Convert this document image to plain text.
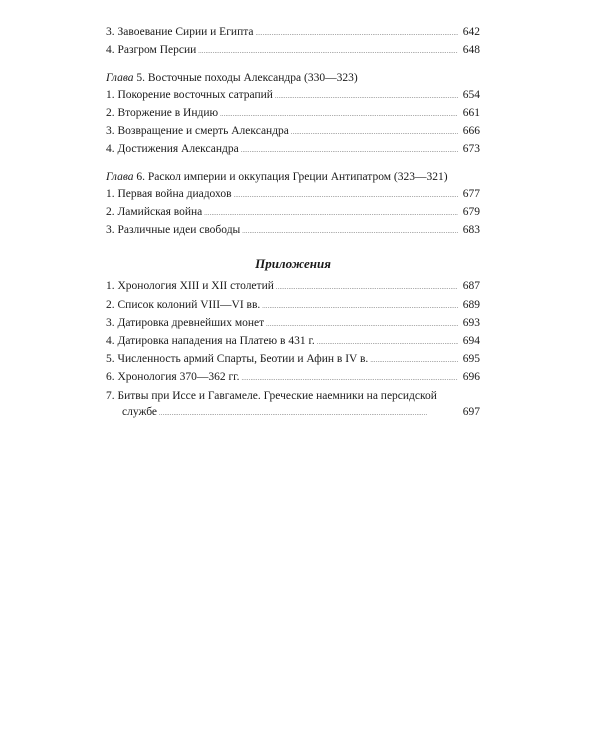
3. Завоевание Сирии и Египта . . .	642
4. Разгром Персии . . .	648
Глава 5. Восточные походы Александра (330—323)
1. Покорение восточных сатрапий . . .	654
2. Вторжение в Индию . . .	661
3. Возвращение и смерть Александра . . .	666
4. Достижения Александра . . .	673
Глава 6. Раскол империи и оккупация Греции Антипатром (323—321)
1. Первая война диадохов . . .	677
2. Ламийская война . . .	679
3. Различные идеи свободы . . .	683
Приложения
1. Хронология XIII и XII столетий . . .	687
2. Список колоний VIII—VI вв. . . .	689
3. Датировка древнейших монет . . .	693
4. Датировка нападения на Платею в 431 г. . . .	694
5. Численность армий Спарты, Беотии и Афин в IV в. . . .	695
6. Хронология 370—362 гг. . . .	696
7. Битвы при Иссе и Гавгамеле. Греческие наемники на персидской
службе . . .	697
